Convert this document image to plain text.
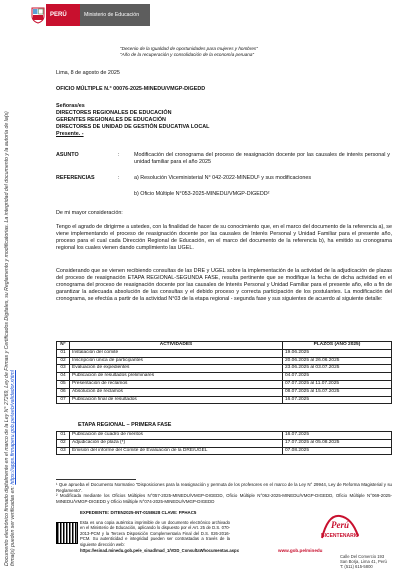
Documento electrónico firmado digitalmente en el marco de la Ley N° 27269, Ley de Firmas y Certificados Digitales, su Reglamento y modificatorias. La integridad del documento y la autoría de la(s) firma(s) pueden ser verificadas en: https://apps.firmaperu.gob.pe/web/validador.xhtml
PERÚ	Ministerio de Educación
"Decenio de la Igualdad de oportunidades para mujeres y hombres"
"Año de la recuperación y consolidación de la economía peruana"
Lima, 8 de agosto de 2025
OFICIO MÚLTIPLE N.° 00076-2025-MINEDU/VMGP-DIGEDD
Señoras/es
DIRECTORES REGIONALES DE EDUCACIÓN
GERENTES REGIONALES DE EDUCACIÓN
DIRECTORES DE UNIDAD DE GESTIÓN EDUCATIVA LOCAL
Presente. -
ASUNTO	:	Modificación del cronograma del proceso de reasignación docente por las causales de interés personal y unidad familiar para el año 2025
REFERENCIAS	:	a) Resolución Viceministerial N° 042-2022-MINEDU¹ y sus modificaciones
b) Oficio Múltiple N°053-2025-MINEDU/VMGP-DIGEDD²
De mi mayor consideración:
Tengo el agrado de dirigirme a ustedes, con la finalidad de hacer de su conocimiento que, en el marco del documento de la referencia a), se viene implementando el proceso de reasignación docente por las causales de Interés Personal y Unidad Familiar para el presente año, proceso para el cual cada Dirección Regional de Educación, en el marco del documento de la referencia b), ha emitido su cronograma regional los cuales vienen dando cumplimiento las UGEL.
Considerando que se vienen recibiendo consultas de las DRE y UGEL sobre la implementación de la actividad de la adjudicación de plazas del proceso de reasignación ETAPA REGIONAL-SEGUNDA FASE, resulta pertinente que se modifique la fecha de dicha actividad en el cronograma del proceso de reasignación docente por las causales de Interés Personal y Unidad Familiar para el presente año, ello a fin de garantizar la adecuada absolución de las consultas y el debido proceso y correcta participación de los postulantes. La modificación del cronograma, se efectúa a partir de la actividad N°03 de la etapa regional - segunda fase y sus siguientes de acuerdo al siguiente detalle:
N°	ACTIVIDADES	PLAZOS (AÑO 2025)
01	Instalación del comité	19.06.2025
02	Inscripción única de participantes	20.06.2025 al 26.06.2025
03	Evaluación de expedientes	23.06.2025 al 03.07.2025
04	Publicación de resultados preliminares	04.07.2025
05	Presentación de reclamos	07.07.2025 al 11.07.2025
06	Absolución de reclamos	08.07.2025 al 15.07.2025
07	Publicación final de resultados	16.07.2025
ETAPA REGIONAL – PRIMERA FASE
01	Publicación de cuadro de méritos	16.07.2025
02	Adjudicación de plaza (*)	17.07.2025 al 05.08.2025
03	Emisión del informe del Comité de Evaluación de la DRE/UGEL	07.08.2025
¹ Que aprueba el Documento Normativo "Disposiciones para la reasignación y permuta de los profesores en el marco de la Ley N° 29944, Ley de Reforma Magisterial y su Reglamento".
² Modificada mediante los Oficios Múltiples N°057-2025-MINEDU/VMGP-DIGEDD, Oficio Múltiple N°062-2025-MINEDU/VMGP-DIGEDD, Oficio Múltiple N°069-2025-MINEDU/VMGP-DIGEDD y Oficio Múltiple N°074-2025-MINEDU/VMGP-DIGEDD
EXPEDIENTE: DITEN2025-INT-0158628 CLAVE: FPHAC5
Esta es una copia auténtica imprimible de un documento electrónico archivado en el Ministerio de Educación, aplicando lo dispuesto por el Art. 25 de D.S. 070-2013-PCM y la Tercera Disposición Complementaria Final del D.S. 026-2016-PCM. Su autenticidad e integridad pueden ser contrastadas a través de la siguiente dirección web:
https://esinad.minedu.gob.pe/e_sinad/mad_1/VDD_ConsultaWhocumentas.aspx	www.gob.pe/minedu
Perú
BICENTENARIO
Calle Del Comercio 193
San Borja, Lima 41, Perú
T: (511) 615-5800
